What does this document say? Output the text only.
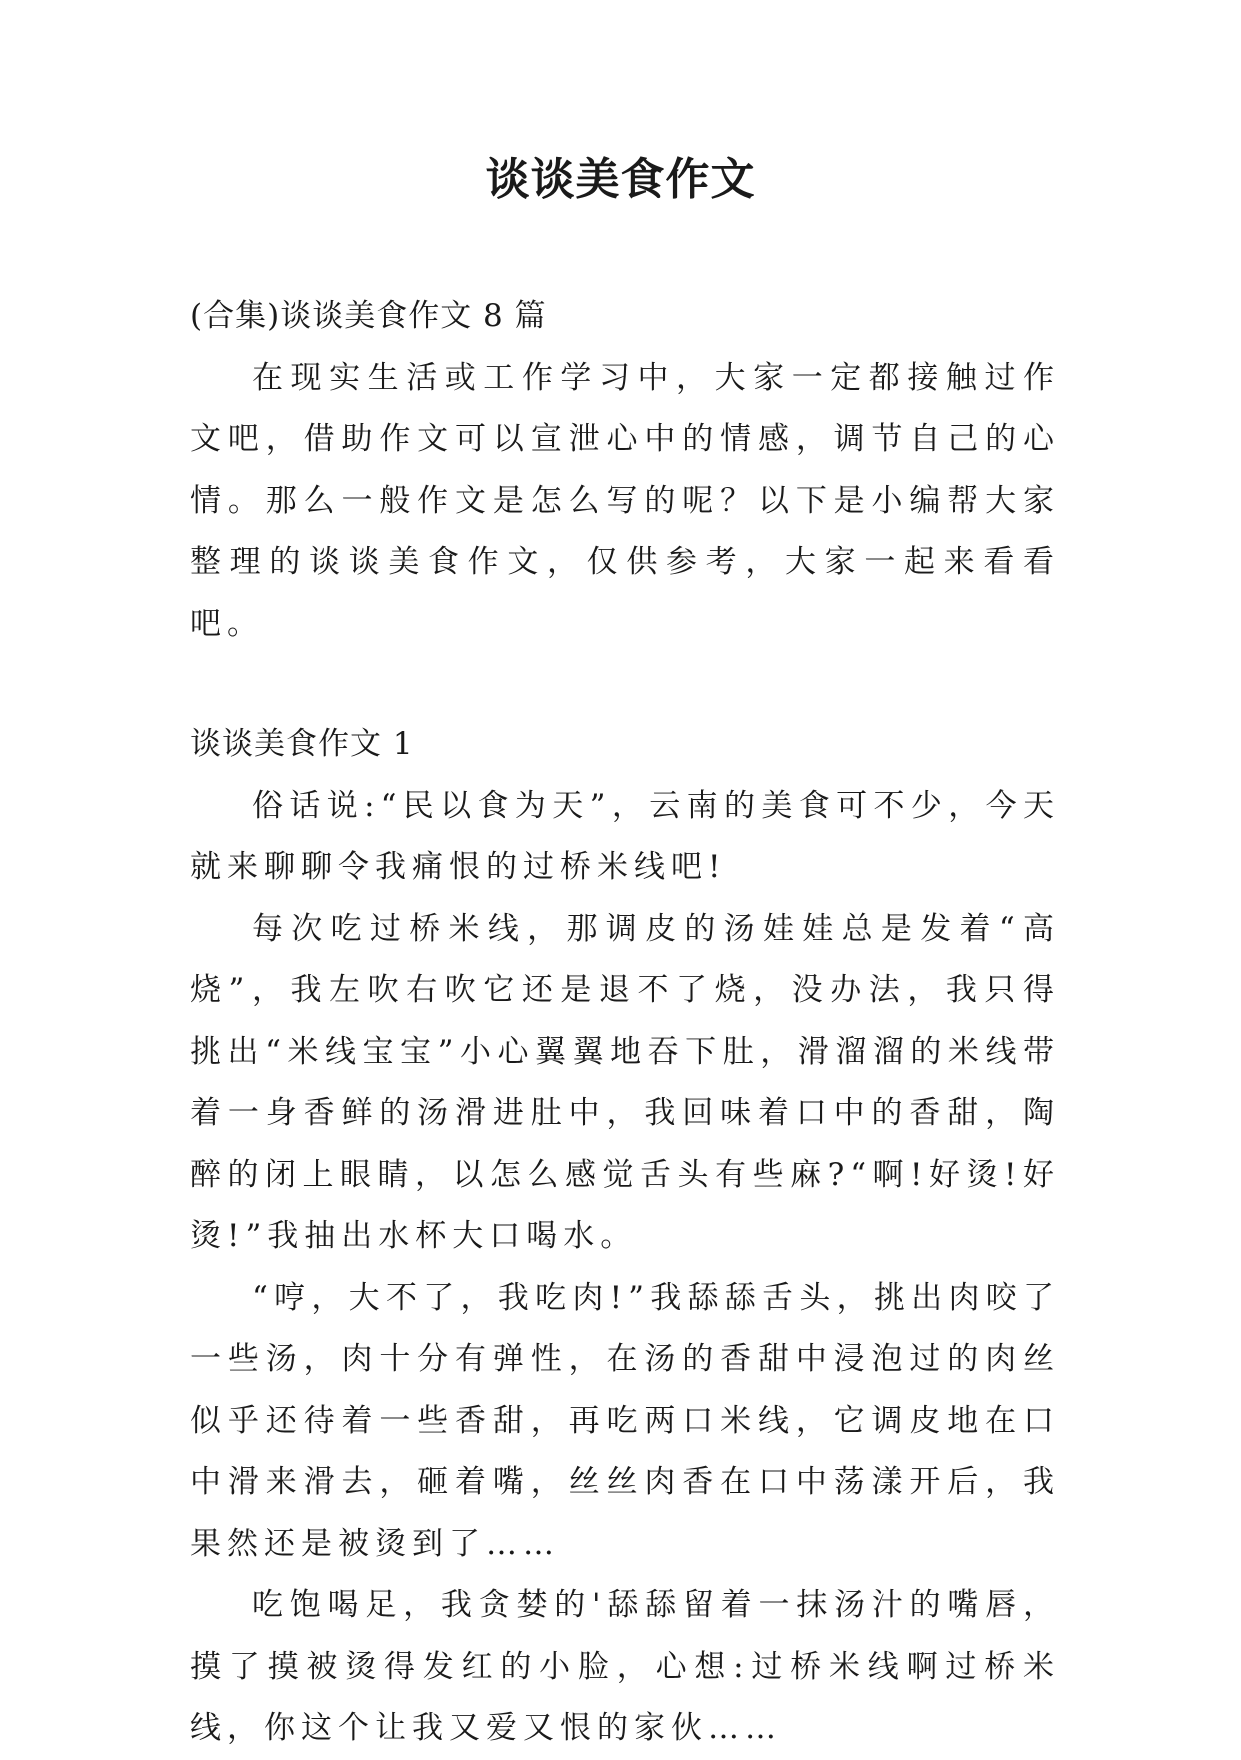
谈谈美食作文

(合集)谈谈美食作文 8 篇

在现实生活或工作学习中，大家一定都接触过作文吧，借助作文可以宣泄心中的情感，调节自己的心情。那么一般作文是怎么写的呢？以下是小编帮大家整理的谈谈美食作文，仅供参考，大家一起来看看吧。

谈谈美食作文 1

俗话说:“民以食为天”，云南的美食可不少，今天就来聊聊令我痛恨的过桥米线吧!

每次吃过桥米线，那调皮的汤娃娃总是发着“高烧”，我左吹右吹它还是退不了烧，没办法，我只得挑出“米线宝宝”小心翼翼地吞下肚，滑溜溜的米线带着一身香鲜的汤滑进肚中，我回味着口中的香甜，陶醉的闭上眼睛，以怎么感觉舌头有些麻?“啊!好烫!好烫!”我抽出水杯大口喝水。

“哼，大不了，我吃肉!”我舔舔舌头，挑出肉咬了一些汤，肉十分有弹性，在汤的香甜中浸泡过的肉丝似乎还待着一些香甜，再吃两口米线，它调皮地在口中滑来滑去，砸着嘴，丝丝肉香在口中荡漾开后，我果然还是被烫到了……

吃饱喝足，我贪婪的'舔舔留着一抹汤汁的嘴唇，摸了摸被烫得发红的小脸，心想:过桥米线啊过桥米线，你这个让我又爱又恨的家伙……
